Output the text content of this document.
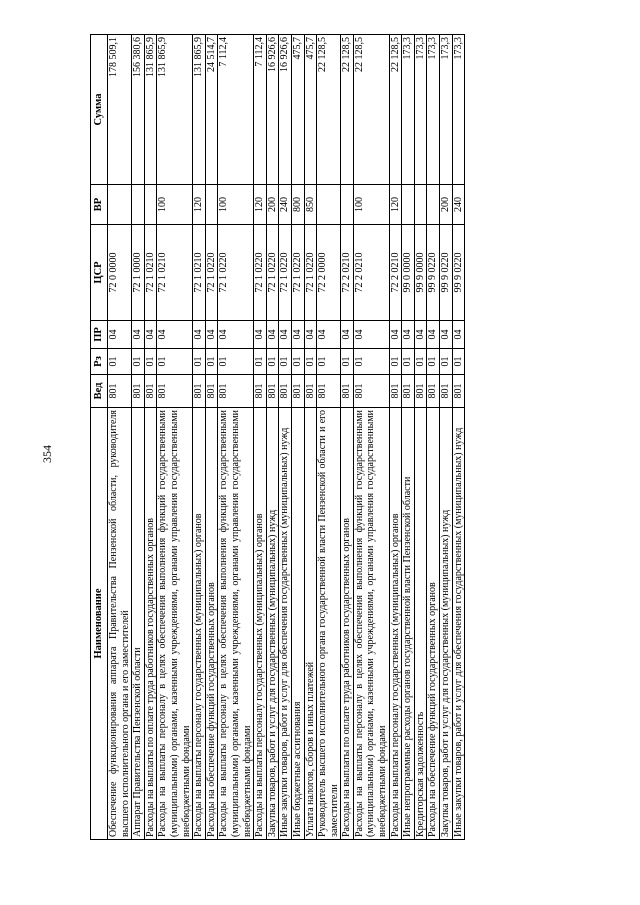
354
Наименование	Вед	Рз	ПР	ЦСР	ВР	Сумма
Обеспечение функционирования аппарата Правительства Пензенской области, руководителя высшего исполнительного органа и его заместителей	801	01	04	72 0 0000		178 509,1
Аппарат Правительства Пензенской области	801	01	04	72 1 0000		156 380,6
Расходы на выплаты по оплате труда работников государственных органов	801	01	04	72 1 0210		131 865,9
Расходы на выплаты персоналу в целях обеспечения выполнения функций государственными (муниципальными) органами, казенными учреждениями, органами управления государственными внебюджетными фондами	801	01	04	72 1 0210	100	131 865,9
Расходы на выплаты персоналу государственных (муниципальных) органов	801	01	04	72 1 0210	120	131 865,9
Расходы на обеспечение функций государственных органов	801	01	04	72 1 0220		24 514,7
Расходы на выплаты персоналу в целях обеспечения выполнения функций государственными (муниципальными) органами, казенными учреждениями, органами управления государственными внебюджетными фондами	801	01	04	72 1 0220	100	7 112,4
Расходы на выплаты персоналу государственных (муниципальных) органов	801	01	04	72 1 0220	120	7 112,4
Закупка товаров, работ и услуг для государственных (муниципальных) нужд	801	01	04	72 1 0220	200	16 926,6
Иные закупки товаров, работ и услуг для обеспечения государственных (муниципальных) нужд	801	01	04	72 1 0220	240	16 926,6
Иные бюджетные ассигнования	801	01	04	72 1 0220	800	475,7
Уплата налогов, сборов и иных платежей	801	01	04	72 1 0220	850	475,7
Руководитель высшего исполнительного органа государственной власти Пензенской области и его заместители	801	01	04	72 2 0000		22 128,5
Расходы на выплаты по оплате труда работников государственных органов	801	01	04	72 2 0210		22 128,5
Расходы на выплаты персоналу в целях обеспечения выполнения функций государственными (муниципальными) органами, казенными учреждениями, органами управления государственными внебюджетными фондами	801	01	04	72 2 0210	100	22 128,5
Расходы на выплаты персоналу государственных (муниципальных) органов	801	01	04	72 2 0210	120	22 128,5
Иные непрограммные расходы органов государственной власти Пензенской области	801	01	04	99 0 0000		173,3
Кредиторская задолженность	801	01	04	99 9 0000		173,3
Расходы на обеспечение функций государственных органов	801	01	04	99 9 0220		173,3
Закупка товаров, работ и услуг для государственных (муниципальных) нужд	801	01	04	99 9 0220	200	173,3
Иные закупки товаров, работ и услуг для обеспечения государственных (муниципальных) нужд	801	01	04	99 9 0220	240	173,3
